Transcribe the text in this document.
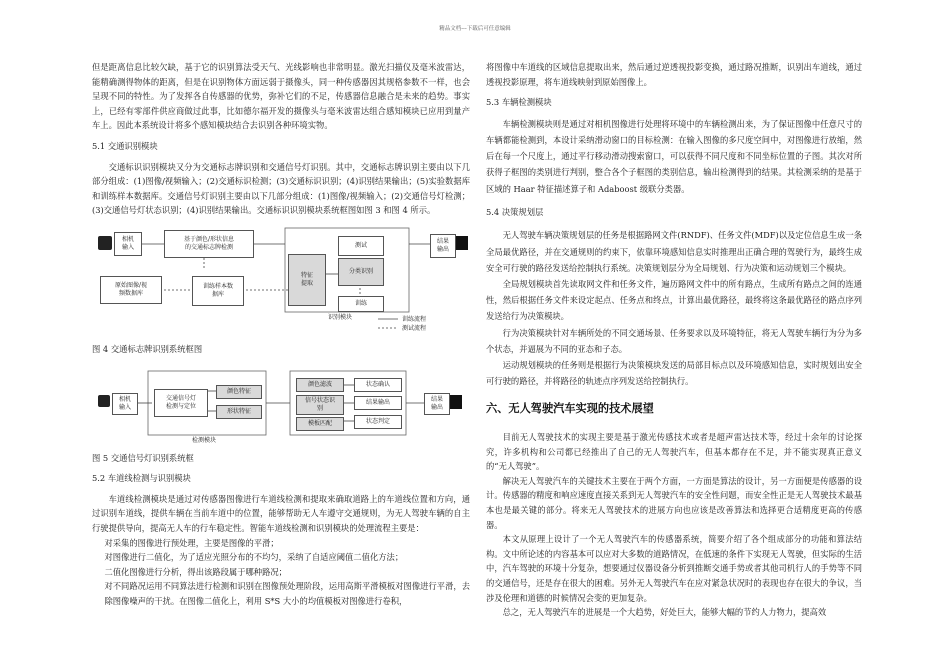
精品文档---下载后可任意编辑

但是距离信息比较欠缺，基于它的识别算法受天气、光线影响也非常明显。激光扫描仪及毫米波雷达，能精确测得物体的距离，但是在识别物体方面远弱于摄像头，同一种传感器因其规格参数不一样，也会呈现不同的特性。为了发挥各自传感器的优势，弥补它们的不足，传感器信息融合是未来的趋势。事实上，已经有零部件供应商做过此事，比如德尔福开发的摄像头与毫米波雷达组合感知模块已应用到量产车上。因此本系统设计将多个感知模块结合去识别各种环境实物。

5.1 交通识别模块

交通标识识别模块又分为交通标志牌识别和交通信号灯识别。其中，交通标志牌识别主要由以下几部分组成：(1)图像/视频输入；(2)交通标识检测；(3)交通标识识别；(4)识别结果输出；(5)实验数据库和训练样本数据库。交通信号灯识别主要由以下几部分组成：(1)图像/视频输入；(2)交通信号灯检测；(3)交通信号灯状态识别；(4)识别结果输出。交通标识识别模块系统框图如图 3 和图 4 所示。

相机
输入
基于颜色/形状信息
的交通标志牌检测
原始图像/视
频数据库
训练样本数
据库
特征
提取
测试
分类识别
训练
结果
输出
识别模块	训练流程
测试流程

图 4 交通标志牌识别系统框图

相机
输入
交通信号灯
检测与定位
颜色特征
形状特征
检测模块
颜色滤波
信号状态识
别
模板匹配
状态确认
结果输出
状态判定
结果
输出

图 5 交通信号灯识别系统框

5.2 车道线检测与识别模块

车道线检测模块是通过对传感器图像进行车道线检测和提取来确取道路上的车道线位置和方向，通过识别车道线，提供车辆在当前车道中的位置，能够帮助无人车遵守交通规则，为无人驾驶车辆的自主行驶提供导向，提高无人车的行车稳定性。智能车道线检测和识别模块的处理流程主要是：

对采集的图像进行预处理，主要是图像的平滑；

对图像进行二值化，为了适应光照分布的不均匀，采纳了自适应阈值二值化方法；

二值化图像进行分析，得出该路段属于哪种路况；

对不同路况运用不同算法进行检测和识别在图像预处理阶段，运用高斯平滑模板对图像进行平滑，去除图像噪声的干扰。在图像二值化上，利用 S*S 大小的均值模板对图像进行卷积，

将图像中车道线的区域信息提取出来，然后通过逆透视投影变换，通过路况推断，识别出车道线，通过透视投影原理，将车道线映射到原始图像上。

5.3 车辆检测模块

车辆检测模块则是通过对相机图像进行处理将环境中的车辆检测出来，为了保证图像中任意尺寸的车辆都能检测到，本设计采纳滑动窗口的目标检测：在输入图像的多尺度空间中，对图像进行放缩，然后在每一个尺度上，通过平行移动滑动搜索窗口，可以获得不同尺度和不同坐标位置的子图。其次对所获得子框图的类别进行判别，整合各个子框图的类别信息，输出检测得到的结果。其检测采纳的是基于区域的 Haar 特征描述算子和 Adaboost 级联分类器。

5.4 决策规划层

无人驾驶车辆决策规划层的任务是根据路网文件(RNDF)、任务文件(MDF)以及定位信息生成一条全局最优路径，并在交通规则的约束下，依靠环境感知信息实时推理出正确合理的驾驶行为，最终生成安全可行驶的路径发送给控制执行系统。决策规划层分为全局规划、行为决策和运动规划三个模块。

全局规划模块首先读取网文件和任务文件，遍历路网文件中的所有路点，生成所有路点之间的连通性，然后根据任务文件来设定起点、任务点和终点，计算出最优路径，最终将这条最优路径的路点序列发送给行为决策模块。

行为决策模块针对车辆所处的不同交通场景、任务要求以及环境特征，将无人驾驶车辆行为分为多个状态，并逼展为不同的亚态和子态。

运动规划模块的任务则是根据行为决策模块发送的局部目标点以及环境感知信息，实时规划出安全可行驶的路径，并将路径的轨迹点序列发送给控制执行。

六、无人驾驶汽车实现的技术展望

目前无人驾驶技术的实现主要是基于激光传感技术或者是超声雷达技术等，经过十余年的讨论探究，许多机构和公司都已经推出了自己的无人驾驶汽车，但基本都存在不足，并不能实现真正意义的“无人驾驶”。

解决无人驾驶汽车的关键技术主要在于两个方面，一方面是算法的设计，另一方面便是传感器的设计。传感器的精度和响应速度直接关系到无人驾驶汽车的安全性问题，而安全性正是无人驾驶技术最基本也是最关键的部分。将来无人驾驶技术的进展方向也应该是改善算法和选择更合适精度更高的传感器。

本文从原理上设计了一个无人驾驶汽车的传感器系统，简要介绍了各个组成部分的功能和算法结构。文中所论述的内容基本可以应对大多数的道路情况，在低速的条件下实现无人驾驶，但实际的生活中，汽车驾驶的环境十分复杂，想要通过仪器设备分析到推断交通手势或者其他司机行人的手势等不同的交通信号，还是存在很大的困难。另外无人驾驶汽车在应对紧急状况时的表现也存在很大的争议，当涉及伦理和道德的时候情况会变的更加复杂。

总之，无人驾驶汽车的进展是一个大趋势，好处巨大，能够大幅的节约人力物力，提高效
